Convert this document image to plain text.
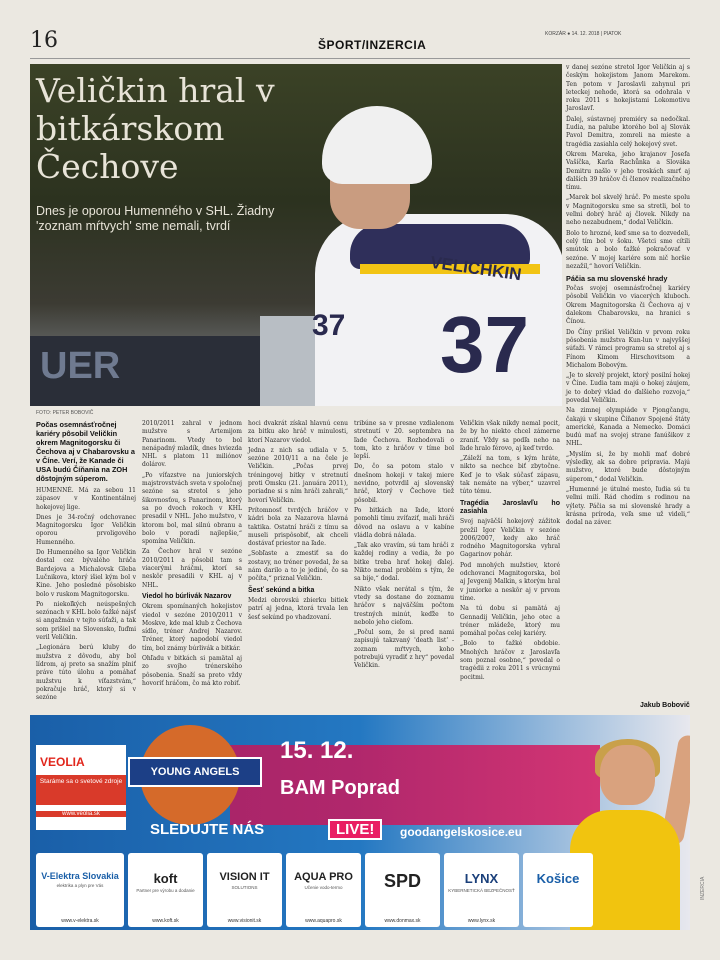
16	ŠPORT/INZERCIA
KORZÁR ● 14. 12. 2018 | PIATOK
UER
VELICHKIN
37 37
Veličkin hral v bitkárskom Čechove
Dnes je oporou Humenného v SHL. Žiadny 'zoznam mŕtvych' sme nemali, tvrdí
FOTO: PETER BOBOVIČ
Počas osemnásťročnej kariéry pôsobil Veličkin okrem Magnitogorsku či Čechova aj v Chabarovsku a v Číne. Verí, že Kanade či USA budú Číňania na ZOH dôstojným súperom.

HUMENNÉ. Má za sebou 11 zápasov v Kontinentálnej hokejovej lige.

Dnes je 34-ročný odchovanec Magnitogorsku Igor Veličkin oporou prvoligového Humenného.

Do Humenného sa Igor Veličkin dostal cez bývalého hráča Bardejova a Michalovsk Gleba Lučnikova, ktorý išiel kým bol v Kine. Jeho posledné pôsobisko bolo v ruskom Magnitogorsku.

Po niekoľkých neúspešných sezónach v KHL bolo ťažké nájsť si angažmán v tejto súťaži, a tak som prišiel na Slovensko, ľuďmi veril Veličkin.

„Legionára berú kluby do mužstva z dôvodu, aby bol lídrom, aj preto sa snažím plniť práve túto úlohu a pomáhať mužstvu k víťazstvám,“ pokračuje hráč, ktorý si v sezóne

2010/2011 zahral v jednom mužstve s Artemijom Panarinom. Vtedy to bol nenápadný mladík, dnes hviezda NHL s platom 11 miliónov dolárov.

„Po víťazstve na juniorských majstrovstvách sveta v spoločnej sezóne sa stretol s jeho šikovnosťou, s Panarinom, ktorý sa po dvoch rokoch v KHL presadil v NHL. Jeho mužstvo, v ktorom bol, mal silnú obranu a bolo v poradí najlepšie,“ spomína Veličkin.

Za Čechov hral v sezóne 2010/2011 a pôsobil tam s viacerými hráčmi, ktorí sa neskôr presadili v KHL aj v NHL.

Viedol ho búrlivák Nazarov

Okrem spomínaných hokejistov viedol v sezóne 2010/2011 v Moskve, kde mal klub z Čechova sídlo, tréner Andrej Nazarov. Tréner, ktorý napodobí viedol tím, bol známy búrlivák a bitkár.

Ohľadu v bitkách si pamätal aj zo svojho trénerského pôsobenia. Snaží sa preto vždy hovoriť hráčom, čo má kto robiť.

hoci dvakrát získal hlavnú cenu za bitku ako hráč v minulosti, ktorí Nazarov viedol.

Jedna z nich sa udiala v 5. sezóne 2010/11 a na čele je Veličkin. „Počas prvej tréningovej bitky v stretnutí proti Omsku (21. januára 2011), poriadne si s ním hráči zahrali,“ hovorí Veličkin.

Prítomnosť tvrdých hráčov v kádri bola za Nazarova hlavná taktika. Ostatní hráči z tímu sa museli prispôsobiť, ak chceli dostávať priestor na ľade.

„Sobľaste a zmestiť sa do zostavy, no tréner povedal, že sa nám darilo a to je jediné, čo sa počíta,“ priznal Veličkin.

Šesť sekúnd a bitka

Medzi obrovskú zbierku bitiek patrí aj jedna, ktorá trvala len šesť sekúnd po vhadzovaní.

tribúne sa v presne vzdialenom stretnutí v 20. septembra na ľade Čechova. Rozhodovali o tom, kto z hráčov v tíme bol lepší.

Do, čo sa potom stalo v dnešnom hokeji v takej miere nevidno, potvrdil aj slovenský hráč, ktorý v Čechove tiež pôsobil.

Po bitkách na ľade, ktoré pomohli tímu zvíťaziť, mali hráči dôvod na oslavu a v kabíne vládla dobrá nálada.

„Tak ako vravím, sú tam hráči z každej rodiny a vedia, že po bitke treba hrať hokej ďalej. Nikto nemal problém s tým, že sa bije,“ dodal.

Nikto však nerátal s tým, že vtedy sa dostane do zoznamu hráčov s najväčším počtom trestných minút, keďže to nebolo jeho cieľom.

„Počul som, že si pred nami zapisujú takzvaný 'death list' - zoznam mŕtvych, koho potrebujú vyradiť z hry“ povedal Veličkin.

Veličkin však nikdy nemal pocit, že by ho niekto chcel zámerne zraniť. Vždy sa podľa neho na ľade hralo férovo, aj keď tvrdo.

„Záleží na tom, s kým hráte, nikto sa nechce biť zbytočne. Keď je to však súčasť zápasu, tak nemáte na výber,“ uzavrel túto tému.

Tragédia Jaroslavľu ho zasiahla

Svoj najväčší hokejový zážitok prežil Igor Veličkin v sezóne 2006/2007, kedy ako hráč rodného Magnitogorska vyhral Gagarinov pohár.

Pod mnohých mužstiev, ktoré odchovanci Magnitogorska, bol aj Jevgenij Malkin, s ktorým hral v juniorke a neskôr aj v prvom tíme.

Na tú dobu si pamätá aj Gennadij Veličkin, jeho otec a tréner mládeže, ktorý mu pomáhal počas celej kariéry.

„Bolo to ťažké obdobie. Mnohých hráčov z Jaroslavľa som poznal osobne,“ povedal o tragédii z roku 2011 s vrúcnymi pocitmi.

v danej sezóne stretol Igor Veličkin aj s českým hokejistom Janom Marekom. Ten potom v Jaroslavli zahynul pri leteckej nehode, ktorá sa odohrala v roku 2011 s hokejistami Lokomotivu Jaroslavľ.

Ďalej, sústavnej premiéry sa nedočkal. Ľudia, na palube ktorého bol aj Slovák Pavol Demitra, zomreli na mieste a tragédia zasiahla celý hokejový svet.

Okrem Mareka, jeho krajanov Josefa Vašíčka, Karla Rachůnka a Slováka Demitru našlo v jeho troskách smrť aj ďalších 39 hráčov či členov realizačného tímu.

„Marek bol skvelý hráč. Po meste spolu v Magnitogorsku sme sa stretli, bol to veľmi dobrý hráč aj človek. Nikdy na neho nezabudnem,“ dodal Veličkin.

Bolo to hrozné, keď sme sa to dozvedeli, celý tím bol v šoku. Všetci sme cítili smútok a bolo ťažké pokračovať v sezóne. V mojej kariére som nič horšie nezažil,“ hovorí Veličkin.

Páčia sa mu slovenské hrady

Počas svojej osemnásťročnej kariéry pôsobil Veličkin vo viacerých kluboch. Okrem Magnitogorska či Čechova aj v dalekom Chabarovsku, na hranici s Čínou.

Do Číny prišiel Veličkin v prvom roku pôsobenia mužstva Kun-lun v najvyššej súťaži. V rámci programu sa stretol aj s Fínom Kimom Hirschovitsom a Michalom Bobovým.

„Je to skvelý projekt, ktorý posilní hokej v Číne. Ľudia tam majú o hokej záujem, je to dobrý vklad do ďalšieho rozvoja,“ povedal Veličkin.

Na zimnej olympiáde v Pjongčangu, čakajú v skupine Číňanov Spojené štáty americké, Kanada a Nemecko. Domáci budú mať na svojej strane fanúšikov z NHL.

„Myslím si, že by mohli mať dobré výsledky, ak sa dobre pripravia. Majú mužstvo, ktoré bude dôstojným súperom,“ dodal Veličkin.

„Humenné je útulné mesto, ľudia sú tu veľmi milí. Rád chodím s rodinou na výlety. Páčia sa mi slovenské hrady a krásna príroda, veľa sme už videli,“ dodal na záver.

Jakub Bobovič
VEOLIA
Staráme sa o svetové zdroje
www.veolia.sk
YOUNG ANGELS
15. 12.
BAM Poprad
SLEDUJTE NÁS	LIVE!	goodangelskosice.eu
V-Elektra Slovakia
elektrika a plyn pre Vás
www.v-elektra.sk
koft
Partner pre výrobu a dodanie
www.koft.sk
VISION IT
SOLUTIONS
www.visionit.sk
AQUA PRO
Učenie vodo-termo
www.aquapro.sk
SPD
www.donmax.sk
LYNX
KYBERNETICKÁ BEZPEČNOSŤ
www.lynx.sk
Košice	INZERCIA
